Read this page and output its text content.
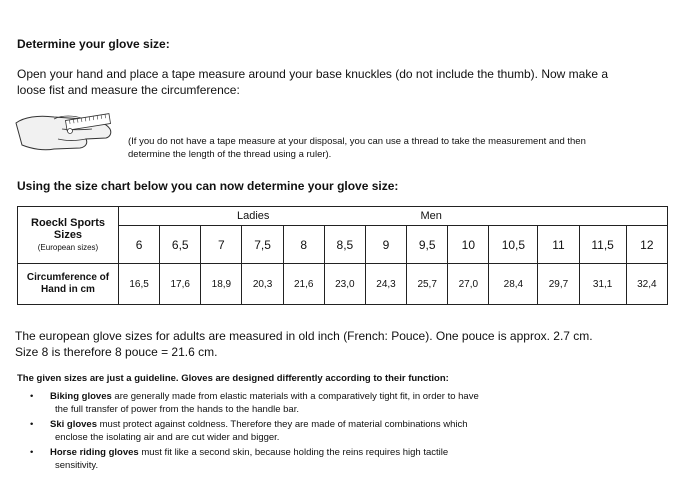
Determine your glove size:
Open your hand and place a tape measure around your base knuckles (do not include the thumb). Now make a
loose fist and measure the circumference:
(If you do not have a tape measure at your disposal, you can use a thread to take the measurement and then
determine the length of the thread using a ruler).
Using the size chart below you can now determine your glove size:
Roeckl Sports
Sizes
(European sizes)	Ladies Men												
	6	6,5	7	7,5	8	8,5	9	9,5	10	10,5	11	11,5	12
Circumference of
Hand in cm	16,5	17,6	18,9	20,3	21,6	23,0	24,3	25,7	27,0	28,4	29,7	31,1	32,4
The european glove sizes for adults are measured in old inch (French: Pouce). One pouce is approx. 2.7 cm.
Size 8 is therefore 8 pouce = 21.6 cm.
The given sizes are just a guideline. Gloves are designed differently according to their function:
• Biking gloves are generally made from elastic materials with a comparatively tight fit, in order to have
the full transfer of power from the hands to the handle bar.
• Ski gloves must protect against coldness. Therefore they are made of material combinations which
enclose the isolating air and are cut wider and bigger.
• Horse riding gloves must fit like a second skin, because holding the reins requires high tactile
sensitivity.
